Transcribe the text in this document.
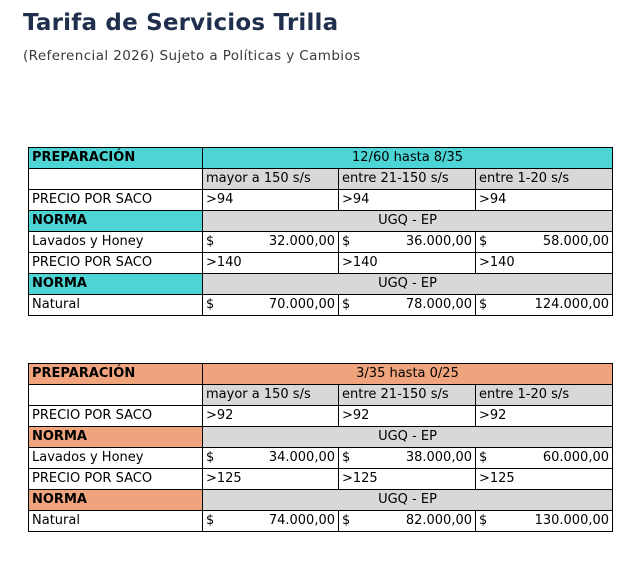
Tarifa de Servicios Trilla
(Referencial 2026) Sujeto a Políticas y Cambios
PREPARACIÓN	12/60 hasta 8/35		
	mayor a 150 s/s	entre 21-150 s/s	entre 1-20 s/s
PRECIO POR SACO	>94	>94	>94
NORMA	UGQ - EP		
Lavados y Honey	$ 32.000,00	$ 36.000,00	$ 58.000,00

PRECIO POR SACO	>140	>140	>140
NORMA	UGQ - EP		
Natural	$ 70.000,00	$ 78.000,00	$ 124.000,00
PREPARACIÓN	3/35 hasta 0/25		
	mayor a 150 s/s	entre 21-150 s/s	entre 1-20 s/s
PRECIO POR SACO	>92	>92	>92
NORMA	UGQ - EP		
Lavados y Honey	$ 34.000,00	$ 38.000,00	$ 60.000,00

PRECIO POR SACO	>125	>125	>125
NORMA	UGQ - EP		
Natural	$ 74.000,00	$ 82.000,00	$ 130.000,00
